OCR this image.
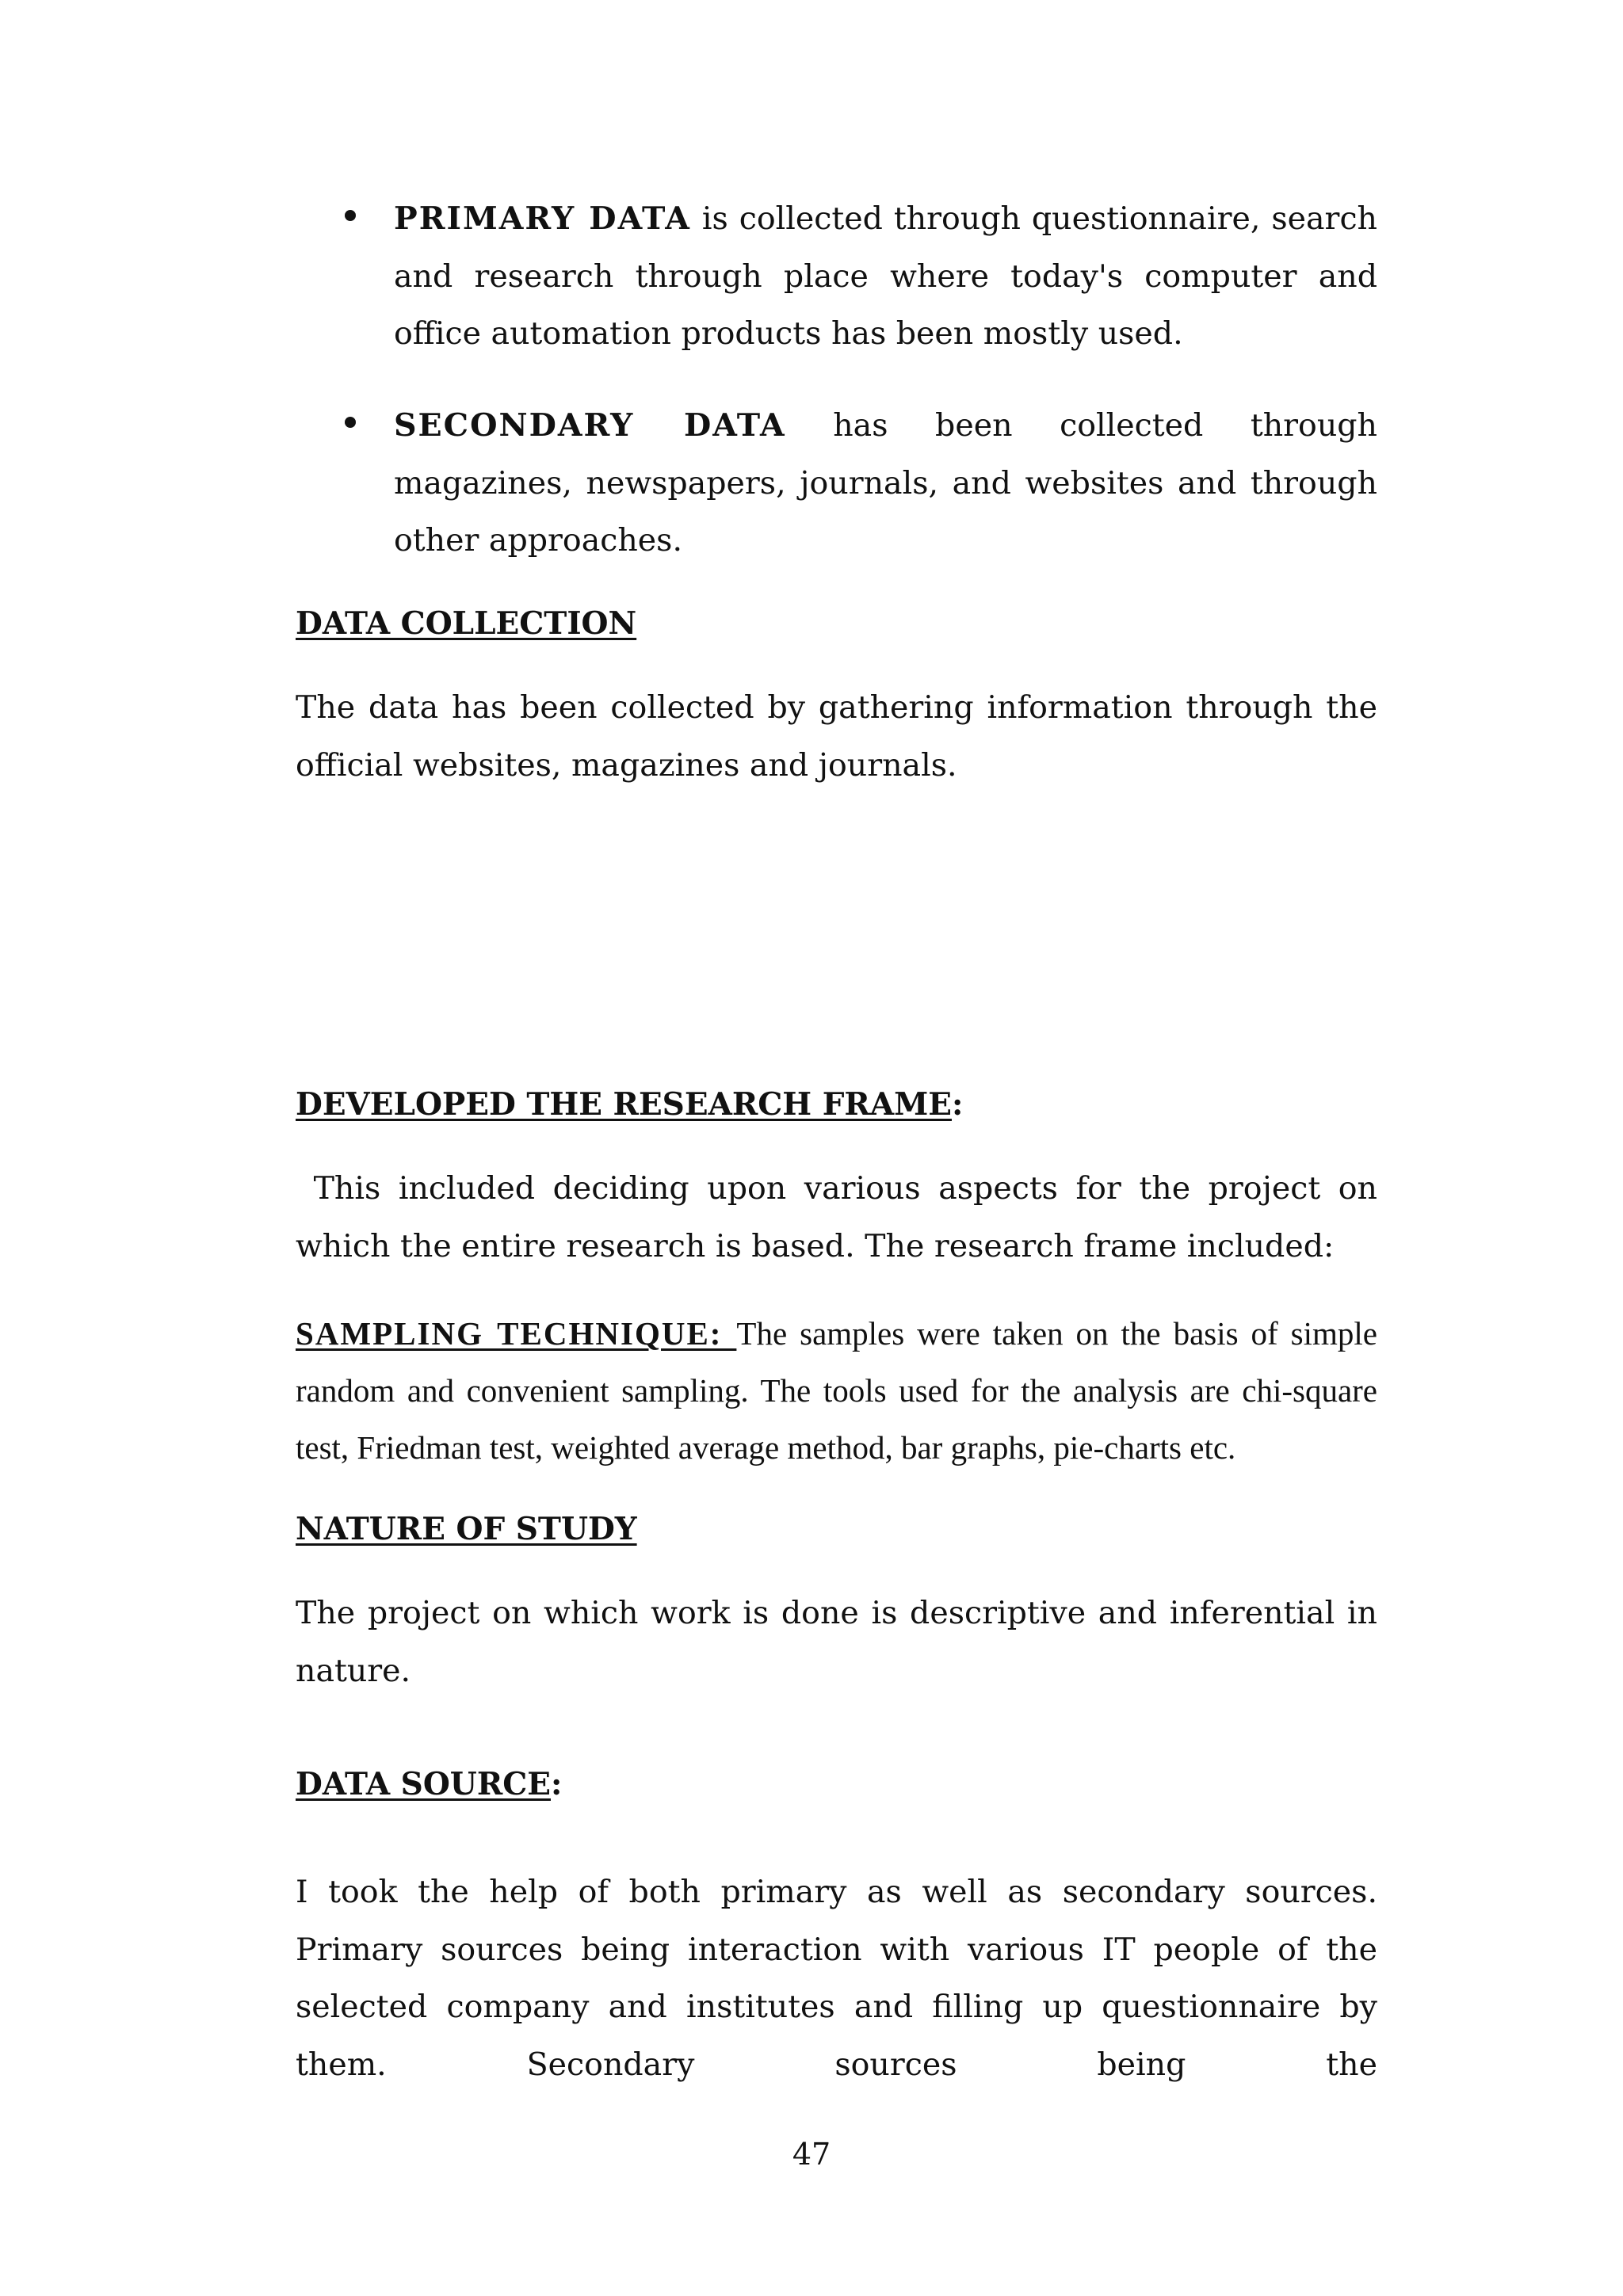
PRIMARY DATA is collected through questionnaire, search and research through place where today's computer and office automation products has been mostly used.

SECONDARY DATA has been collected through magazines, newspapers, journals, and websites and through other approaches.

DATA COLLECTION

The data has been collected by gathering information through the official websites, magazines and journals.

DEVELOPED THE RESEARCH FRAME:

This included deciding upon various aspects for the project on which the entire research is based. The research frame included:

SAMPLING TECHNIQUE: The samples were taken on the basis of simple random and convenient sampling. The tools used for the analysis are chi-square test, Friedman test, weighted average method, bar graphs, pie-charts etc.

NATURE OF STUDY

The project on which work is done is descriptive and inferential in nature.

DATA SOURCE:

I took the help of both primary as well as secondary sources. Primary sources being interaction with various IT people of the selected company and institutes and filling up questionnaire by them. Secondary sources being the

47
